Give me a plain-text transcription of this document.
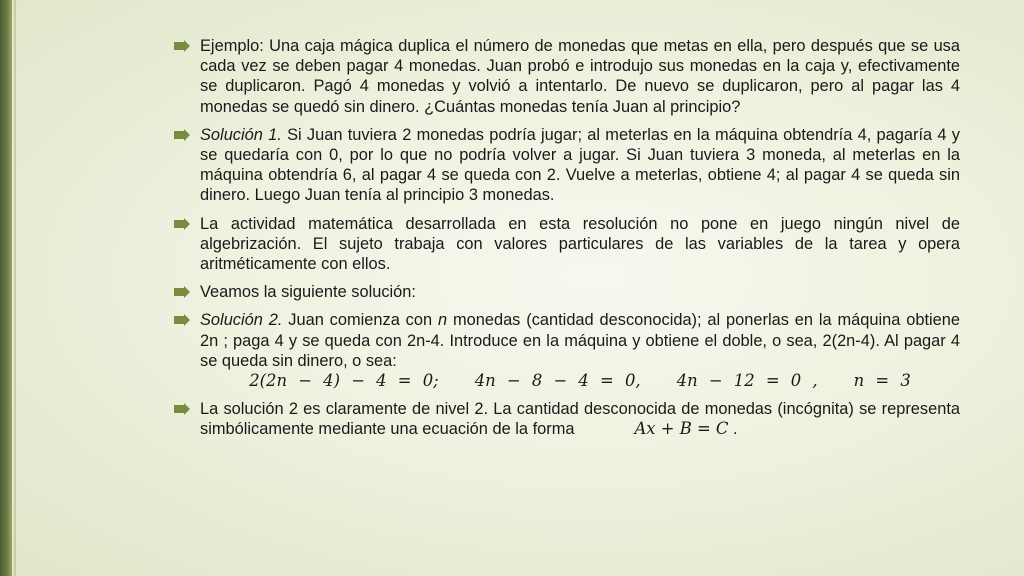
Ejemplo: Una caja mágica duplica el número de monedas que metas en ella, pero después que se usa cada vez se deben pagar 4 monedas. Juan probó e introdujo sus monedas en la caja y, efectivamente se duplicaron. Pagó 4 monedas y volvió a intentarlo. De nuevo se duplicaron, pero al pagar las 4 monedas se quedó sin dinero. ¿Cuántas monedas tenía Juan al principio?
Solución 1. Si Juan tuviera 2 monedas podría jugar; al meterlas en la máquina obtendría 4, pagaría 4 y se quedaría con 0, por lo que no podría volver a jugar. Si Juan tuviera 3 moneda, al meterlas en la máquina obtendría 6, al pagar 4 se queda con 2. Vuelve a meterlas, obtiene 4; al pagar 4 se queda sin dinero. Luego Juan tenía al principio 3 monedas.
La actividad matemática desarrollada en esta resolución no pone en juego ningún nivel de algebrización. El sujeto trabaja con valores particulares de las variables de la tarea y opera aritméticamente con ellos.
Veamos la siguiente solución:
Solución 2. Juan comienza con n monedas (cantidad desconocida); al ponerlas en la máquina obtiene 2n ; paga 4 y se queda con 2n-4. Introduce en la máquina y obtiene el doble, o sea, 2(2n-4). Al pagar 4 se queda sin dinero, o sea:
2(2n − 4) − 4 = 0; 4n − 8 − 4 = 0, 4n − 12 = 0 , n = 3
La solución 2 es claramente de nivel 2. La cantidad desconocida de monedas (incógnita) se representa simbólicamente mediante una ecuación de la forma	Ax + B = C .
